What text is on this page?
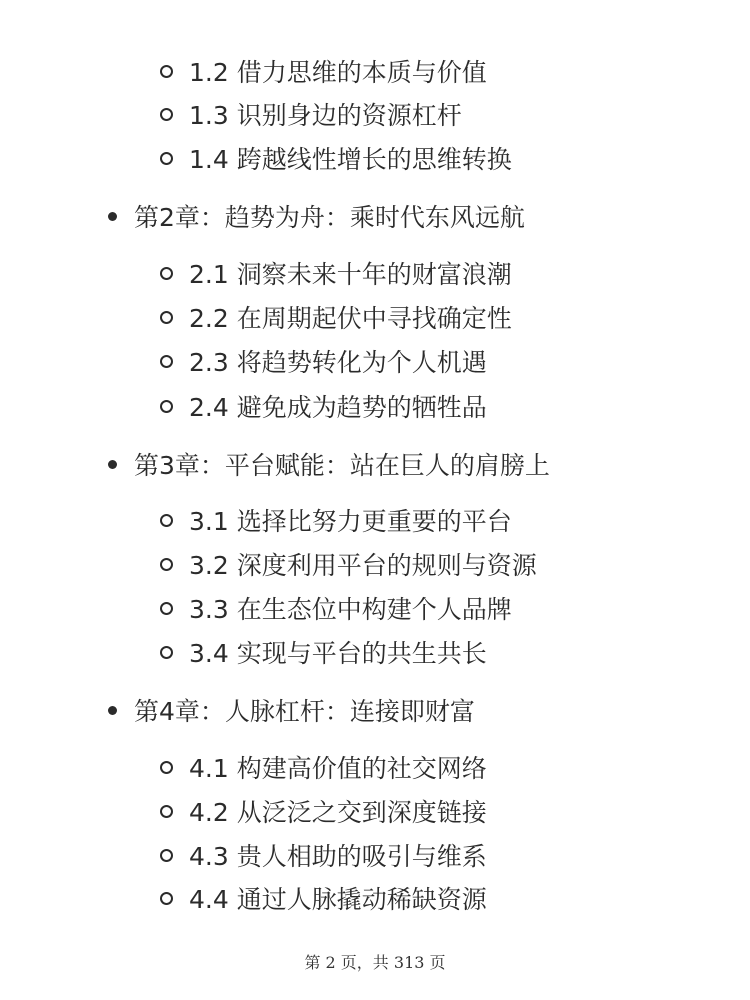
1.2 借力思维的本质与价值
1.3 识别身边的资源杠杆
1.4 跨越线性增长的思维转换
第2章：趋势为舟：乘时代东风远航
2.1 洞察未来十年的财富浪潮
2.2 在周期起伏中寻找确定性
2.3 将趋势转化为个人机遇
2.4 避免成为趋势的牺牲品
第3章：平台赋能：站在巨人的肩膀上
3.1 选择比努力更重要的平台
3.2 深度利用平台的规则与资源
3.3 在生态位中构建个人品牌
3.4 实现与平台的共生共长
第4章：人脉杠杆：连接即财富
4.1 构建高价值的社交网络
4.2 从泛泛之交到深度链接
4.3 贵人相助的吸引与维系
4.4 通过人脉撬动稀缺资源
第 2 页，共 313 页
